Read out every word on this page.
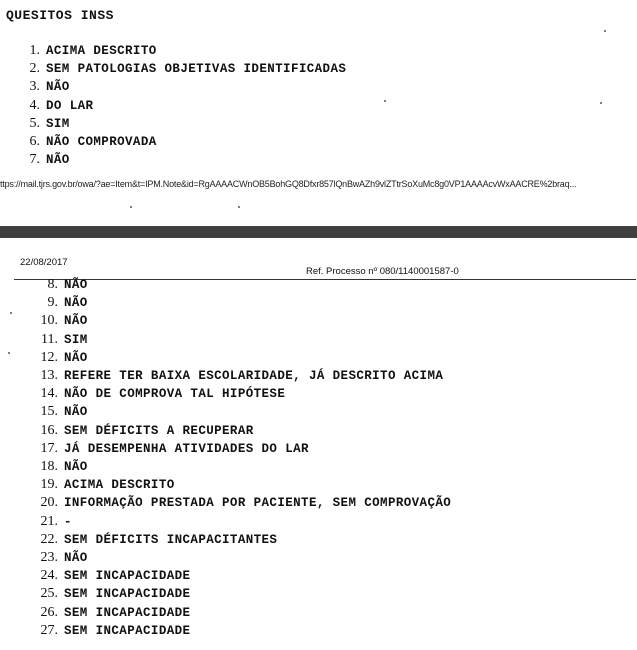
QUESITOS INSS
1. ACIMA DESCRITO
2. SEM PATOLOGIAS OBJETIVAS IDENTIFICADAS
3. NÃO
4. DO LAR
5. SIM
6. NÃO COMPROVADA
7. NÃO
ttps://mail.tjrs.gov.br/owa/?ae=Item&t=IPM.Note&id=RgAAAACWnOB5BohGQ8Dfxr857lQnBwAZh9vlZTtrSoXuMc8g0VP1AAAAcvWxAACRE%2braq...
22/08/2017
Ref. Processo nº 080/1140001587-0
8. NÃO
9. NÃO
10. NÃO
11. SIM
12. NÃO
13. REFERE TER BAIXA ESCOLARIDADE, JÁ DESCRITO ACIMA
14. NÃO DE COMPROVA TAL HIPÓTESE
15. NÃO
16. SEM DÉFICITS A RECUPERAR
17. JÁ DESEMPENHA ATIVIDADES DO LAR
18. NÃO
19. ACIMA DESCRITO
20. INFORMAÇÃO PRESTADA POR PACIENTE, SEM COMPROVAÇÃO
21. -
22. SEM DÉFICITS INCAPACITANTES
23. NÃO
24. SEM INCAPACIDADE
25. SEM INCAPACIDADE
26. SEM INCAPACIDADE
27. SEM INCAPACIDADE
